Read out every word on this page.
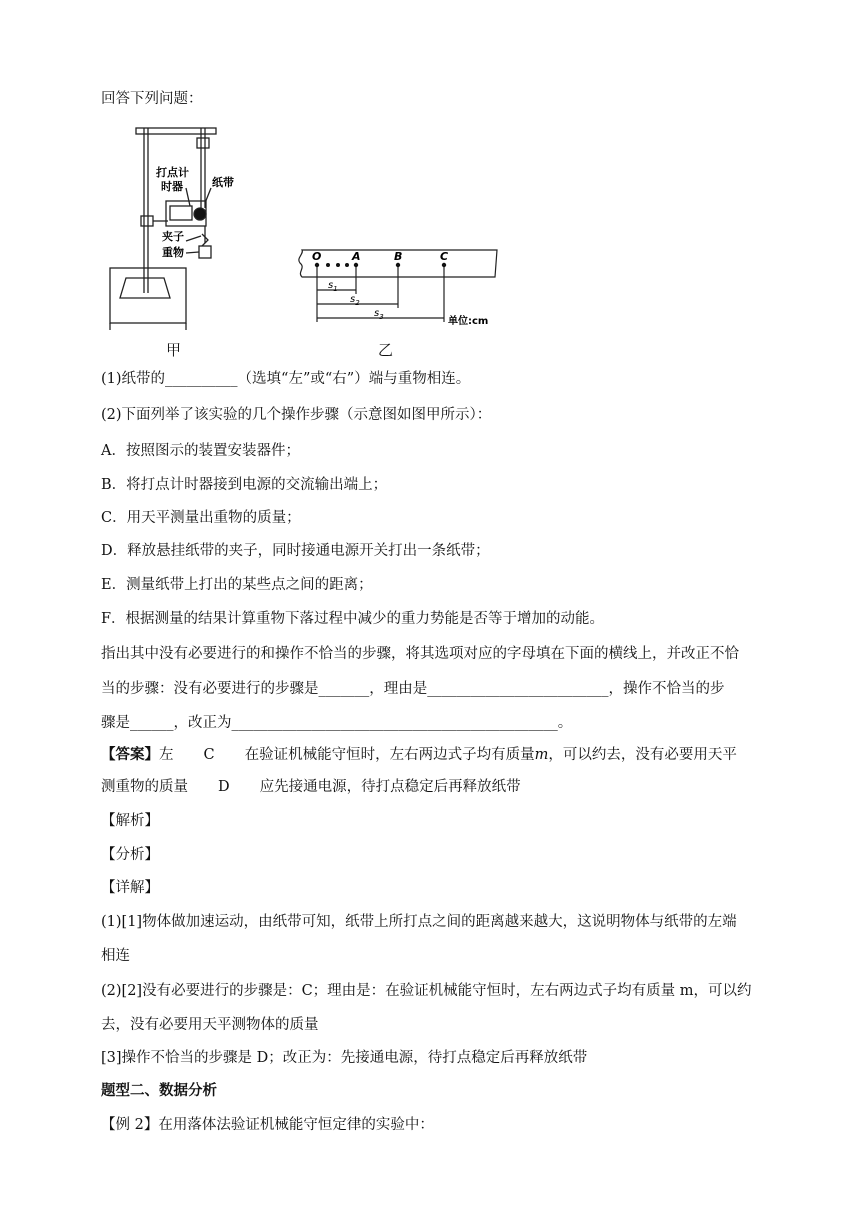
回答下列问题：
打点计
时器	纸带
夹子
重物
甲
O	A	B	C
$s_1$
$s_2$
$s_3$	单位:cm
乙
(1)纸带的__________（选填“左”或“右”）端与重物相连。
(2)下面列举了该实验的几个操作步骤（示意图如图甲所示）：
A．按照图示的装置安装器件；
B．将打点计时器接到电源的交流输出端上；
C．用天平测量出重物的质量；
D．释放悬挂纸带的夹子，同时接通电源开关打出一条纸带；
E．测量纸带上打出的某些点之间的距离；
F．根据测量的结果计算重物下落过程中减少的重力势能是否等于增加的动能。
指出其中没有必要进行的和操作不恰当的步骤，将其选项对应的字母填在下面的横线上，并改正不恰
当的步骤：没有必要进行的步骤是_______，理由是_________________________，操作不恰当的步
骤是______，改正为_____________________________________________。
【答案】左 C 在验证机械能守恒时，左右两边式子均有质量m，可以约去，没有必要用天平
测重物的质量 D 应先接通电源，待打点稳定后再释放纸带
【解析】
【分析】
【详解】
(1)[1]物体做加速运动，由纸带可知，纸带上所打点之间的距离越来越大，这说明物体与纸带的左端
相连
(2)[2]没有必要进行的步骤是：C；理由是：在验证机械能守恒时，左右两边式子均有质量 m，可以约
去，没有必要用天平测物体的质量
[3]操作不恰当的步骤是 D；改正为：先接通电源，待打点稳定后再释放纸带
题型二、数据分析
【例 2】在用落体法验证机械能守恒定律的实验中：
